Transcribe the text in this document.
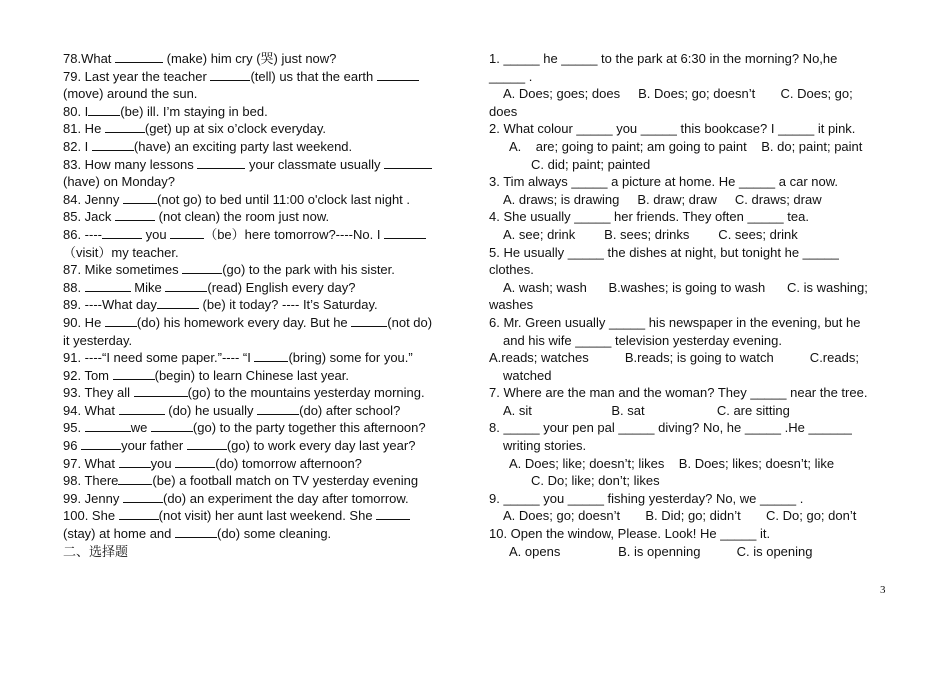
78.What	(make) him cry (哭) just now?
79. Last year the teacher	(tell) us that the earth
(move) around the sun.
80. I (be) ill. I’m staying in bed.
81. He	(get) up at six o’clock everyday.
82. I	(have) an exciting party last weekend.
83. How many lessons	your classmate usually
(have) on Monday?
84. Jenny	(not go) to bed until 11:00 o'clock last night .
85. Jack	(not clean) the room just now.
86. ----	you	（be）here tomorrow?----No. I
（visit）my teacher.
87. Mike sometimes	(go) to the park with his sister.
88.	Mike	(read) English every day?
89. ----What day	(be) it today? ---- It’s Saturday.
90. He (do) his homework every day. But he	(not do)
it yesterday.
91. ----“I need some paper.”---- “I	(bring) some for you.”
92. Tom	(begin) to learn Chinese last year.
93. They all	(go) to the mountains yesterday morning.
94. What	(do) he usually	(do) after school?
95.	we	(go) to the party together this afternoon?
96	your father	(go) to work every day last year?
97. What you	(do) tomorrow afternoon?
98. There	(be) a football match on TV yesterday evening
99. Jenny	(do) an experiment the day after tomorrow.
100. She	(not visit) her aunt last weekend. She
(stay) at home and	(do) some cleaning.
二、选择题
1. _____ he _____ to the park at 6:30 in the morning? No,he
_____ .
A. Does; goes; does     B. Does; go; doesn’t       C. Does; go;
does
2. What colour _____ you _____ this bookcase? I _____ it pink.
A.    are; going to paint; am going to paint    B. do; paint; paint
C. did; paint; painted
3. Tim always _____ a picture at home. He _____ a car now.
A. draws; is drawing     B. draw; draw     C. draws; draw
4. She usually _____ her friends. They often _____ tea.
A. see; drink        B. sees; drinks        C. sees; drink
5. He usually _____ the dishes at night, but tonight he _____
clothes.
A. wash; wash      B.washes; is going to wash      C. is washing;
washes
6. Mr. Green usually _____ his newspaper in the evening, but he
and his wife _____ television yesterday evening.
A.reads; watches          B.reads; is going to watch          C.reads;
watched
7. Where are the man and the woman? They _____ near the tree.
A. sit                      B. sat                    C. are sitting
8. _____ your pen pal _____ diving? No, he _____ .He ______
writing stories.
A. Does; like; doesn’t; likes    B. Does; likes; doesn’t; like
C. Do; like; don’t; likes
9. _____ you _____ fishing yesterday? No, we _____ .
A. Does; go; doesn’t       B. Did; go; didn’t       C. Do; go; don’t
10. Open the window, Please. Look! He _____ it.
A. opens                B. is openning          C. is opening
3
